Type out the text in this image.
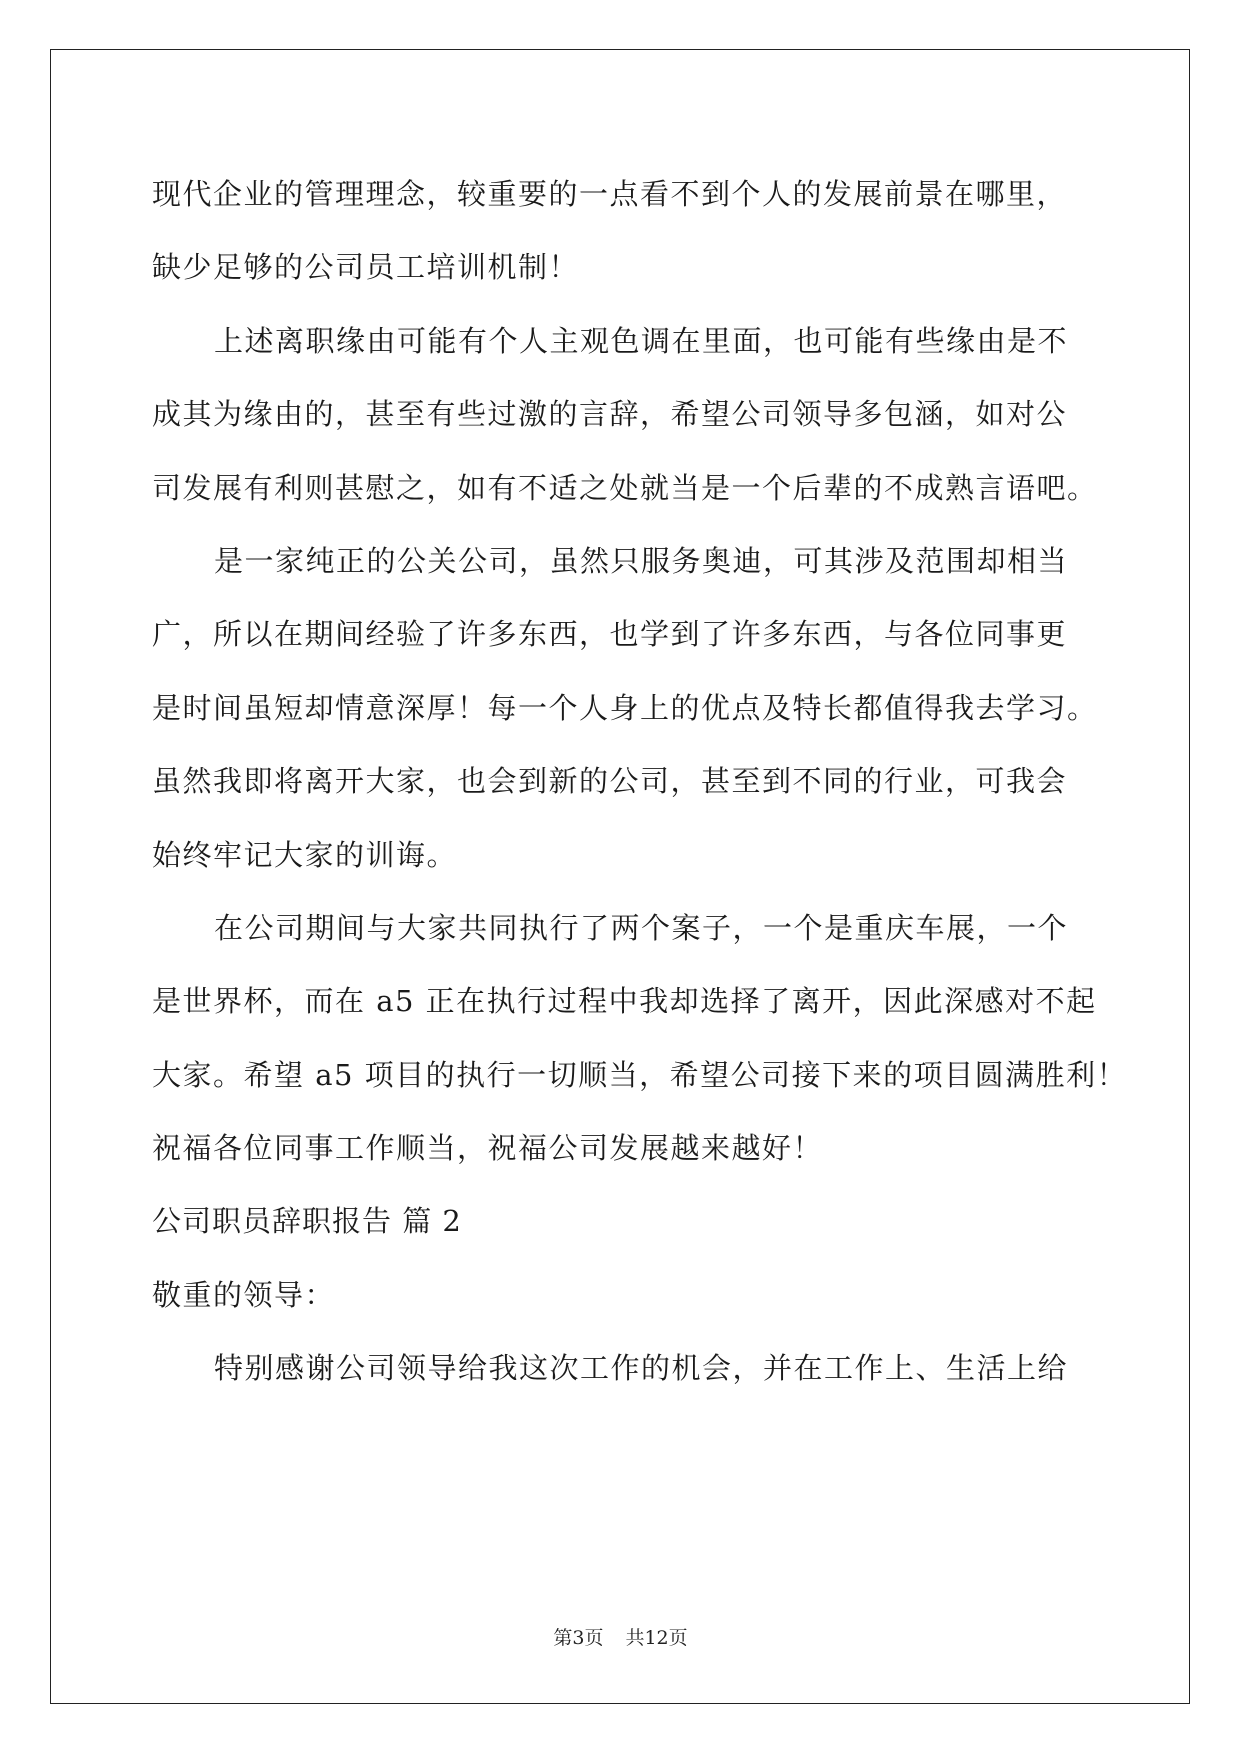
现代企业的管理理念，较重要的一点看不到个人的发展前景在哪里，
缺少足够的公司员工培训机制！
上述离职缘由可能有个人主观色调在里面，也可能有些缘由是不
成其为缘由的，甚至有些过激的言辞，希望公司领导多包涵，如对公
司发展有利则甚慰之，如有不适之处就当是一个后辈的不成熟言语吧。
是一家纯正的公关公司，虽然只服务奥迪，可其涉及范围却相当
广，所以在期间经验了许多东西，也学到了许多东西，与各位同事更
是时间虽短却情意深厚！每一个人身上的优点及特长都值得我去学习。
虽然我即将离开大家，也会到新的公司，甚至到不同的行业，可我会
始终牢记大家的训诲。
在公司期间与大家共同执行了两个案子，一个是重庆车展，一个
是世界杯，而在 a5 正在执行过程中我却选择了离开，因此深感对不起
大家。希望 a5 项目的执行一切顺当，希望公司接下来的项目圆满胜利！
祝福各位同事工作顺当，祝福公司发展越来越好！
公司职员辞职报告 篇 2
敬重的领导：
特别感谢公司领导给我这次工作的机会，并在工作上、生活上给
第3页 共12页
